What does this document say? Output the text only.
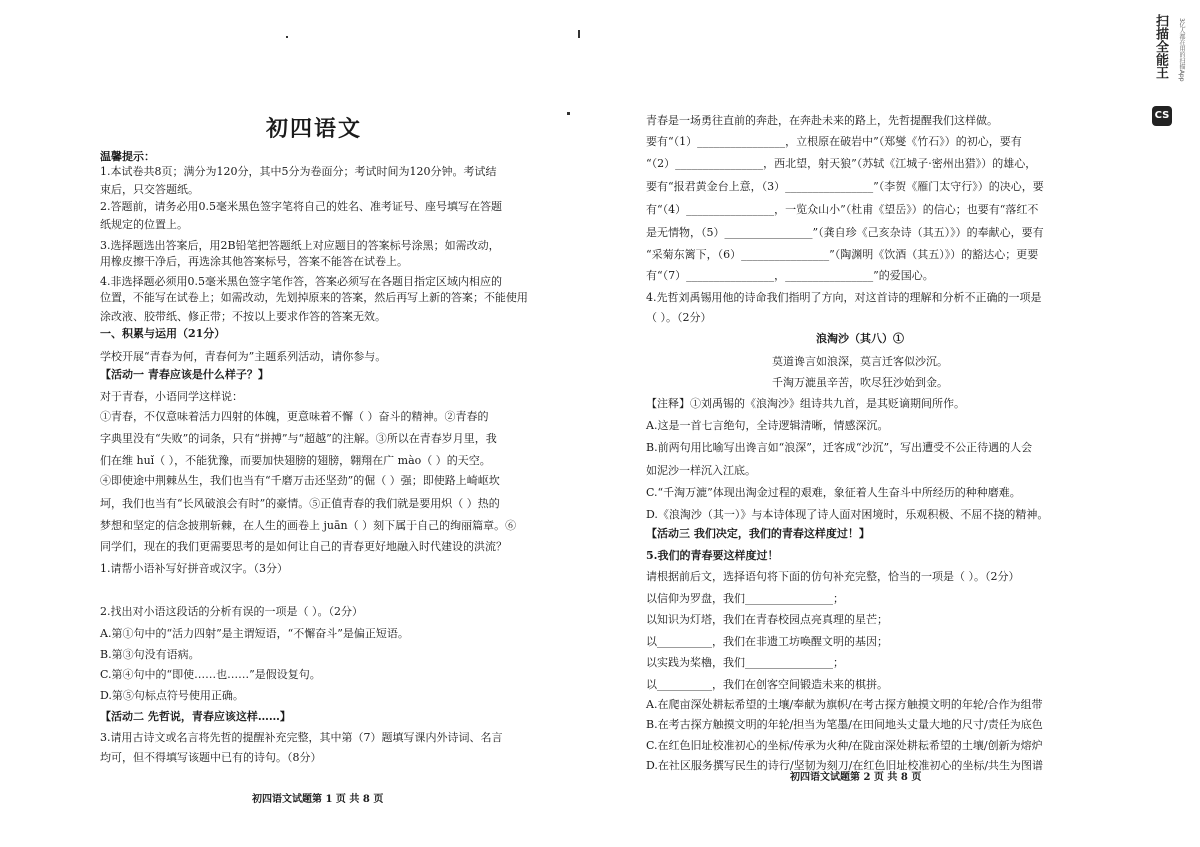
初四语文
温馨提示：
1.本试卷共8页；满分为120分，其中5分为卷面分；考试时间为120分钟。考试结
束后，只交答题纸。
2.答题前，请务必用0.5毫米黑色签字笔将自己的姓名、准考证号、座号填写在答题
纸规定的位置上。
3.选择题选出答案后，用2B铅笔把答题纸上对应题目的答案标号涂黑；如需改动，
用橡皮擦干净后，再选涂其他答案标号，答案不能答在试卷上。
4.非选择题必须用0.5毫米黑色签字笔作答，答案必须写在各题目指定区域内相应的
位置，不能写在试卷上；如需改动，先划掉原来的答案，然后再写上新的答案；不能使用
涂改液、胶带纸、修正带；不按以上要求作答的答案无效。
一、积累与运用（21分）
学校开展“青春为何，青春何为”主题系列活动，请你参与。
【活动一 青春应该是什么样子？】
对于青春，小语同学这样说：
①青春，不仅意味着活力四射的体魄，更意味着不懈（ ）奋斗的精神。②青春的
字典里没有“失败”的词条，只有“拼搏”与“超越”的注解。③所以在青春岁月里，我
们在维 huǐ（ ），不能犹豫，而要加快翅膀的翅膀，翱翔在广 mào（ ）的天空。
④即使途中荆棘丛生，我们也当有“千磨万击还坚劲”的倔（ ）强；即使路上崎岖坎
坷，我们也当有“长风破浪会有时”的豪情。⑤正值青春的我们就是要用炽（ ）热的
梦想和坚定的信念披荆斩棘，在人生的画卷上 juān（ ）刻下属于自己的绚丽篇章。⑥
同学们，现在的我们更需要思考的是如何让自己的青春更好地融入时代建设的洪流？
1.请帮小语补写好拼音或汉字。（3分）
2.找出对小语这段话的分析有误的一项是（ ）。（2分）
A.第①句中的“活力四射”是主谓短语，“不懈奋斗”是偏正短语。
B.第③句没有语病。
C.第④句中的“即使……也……”是假设复句。
D.第⑤句标点符号使用正确。
【活动二 先哲说，青春应该这样……】
3.请用古诗文或名言将先哲的提醒补充完整，其中第（7）题填写课内外诗词、名言
均可，但不得填写该题中已有的诗句。（8分）
初四语文试题第 1 页 共 8 页
青春是一场勇往直前的奔赴，在奔赴未来的路上，先哲提醒我们这样做。
要有“（1）________________，立根原在破岩中”（郑燮《竹石》）的初心，要有
“（2）________________，西北望，射天狼”（苏轼《江城子·密州出猎》）的雄心，
要有“报君黄金台上意，（3）________________”（李贺《雁门太守行》）的决心，要
有“（4）________________，一览众山小”（杜甫《望岳》）的信心；也要有“落红不
是无情物，（5）________________”（龚自珍《己亥杂诗（其五）》）的奉献心，要有
“采菊东篱下，（6）________________”（陶渊明《饮酒（其五）》）的豁达心；更要
有“（7）________________，________________”的爱国心。
4.先哲刘禹锡用他的诗命我们指明了方向，对这首诗的理解和分析不正确的一项是
（ ）。（2分）
浪淘沙（其八）①
莫道谗言如浪深，莫言迁客似沙沉。
千淘万漉虽辛苦，吹尽狂沙始到金。
【注释】①刘禹锡的《浪淘沙》组诗共九首，是其贬谪期间所作。
A.这是一首七言绝句，全诗逻辑清晰，情感深沉。
B.前两句用比喻写出谗言如“浪深”，迁客成“沙沉”，写出遭受不公正待遇的人会
如泥沙一样沉入江底。
C.“千淘万漉”体现出淘金过程的艰难，象征着人生奋斗中所经历的种种磨难。
D.《浪淘沙（其一）》与本诗体现了诗人面对困境时，乐观积极、不屈不挠的精神。
【活动三 我们决定，我们的青春这样度过！】
5.我们的青春要这样度过！
请根据前后文，选择语句将下面的仿句补充完整，恰当的一项是（ ）。（2分）
以信仰为罗盘，我们________________；
以知识为灯塔，我们在青春校园点亮真理的星芒；
以__________，我们在非遗工坊唤醒文明的基因；
以实践为桨櫓，我们________________；
以__________，我们在创客空间锻造未来的棋拼。
A.在爬亩深处耕耘希望的土壤/奉献为旗帜/在考古探方触摸文明的年轮/合作为组带
B.在考古探方触摸文明的年轮/担当为笔墨/在田间地头丈量大地的尺寸/责任为底色
C.在红色旧址校准初心的坐标/传承为火种/在陇亩深处耕耘希望的土壤/创新为熔炉
D.在社区服务撰写民生的诗行/坚韧为刻刀/在红色旧址校准初心的坐标/共生为图谱
初四语文试题第 2 页 共 8 页
扫描全能王	3亿人都在用的扫描App
CS
